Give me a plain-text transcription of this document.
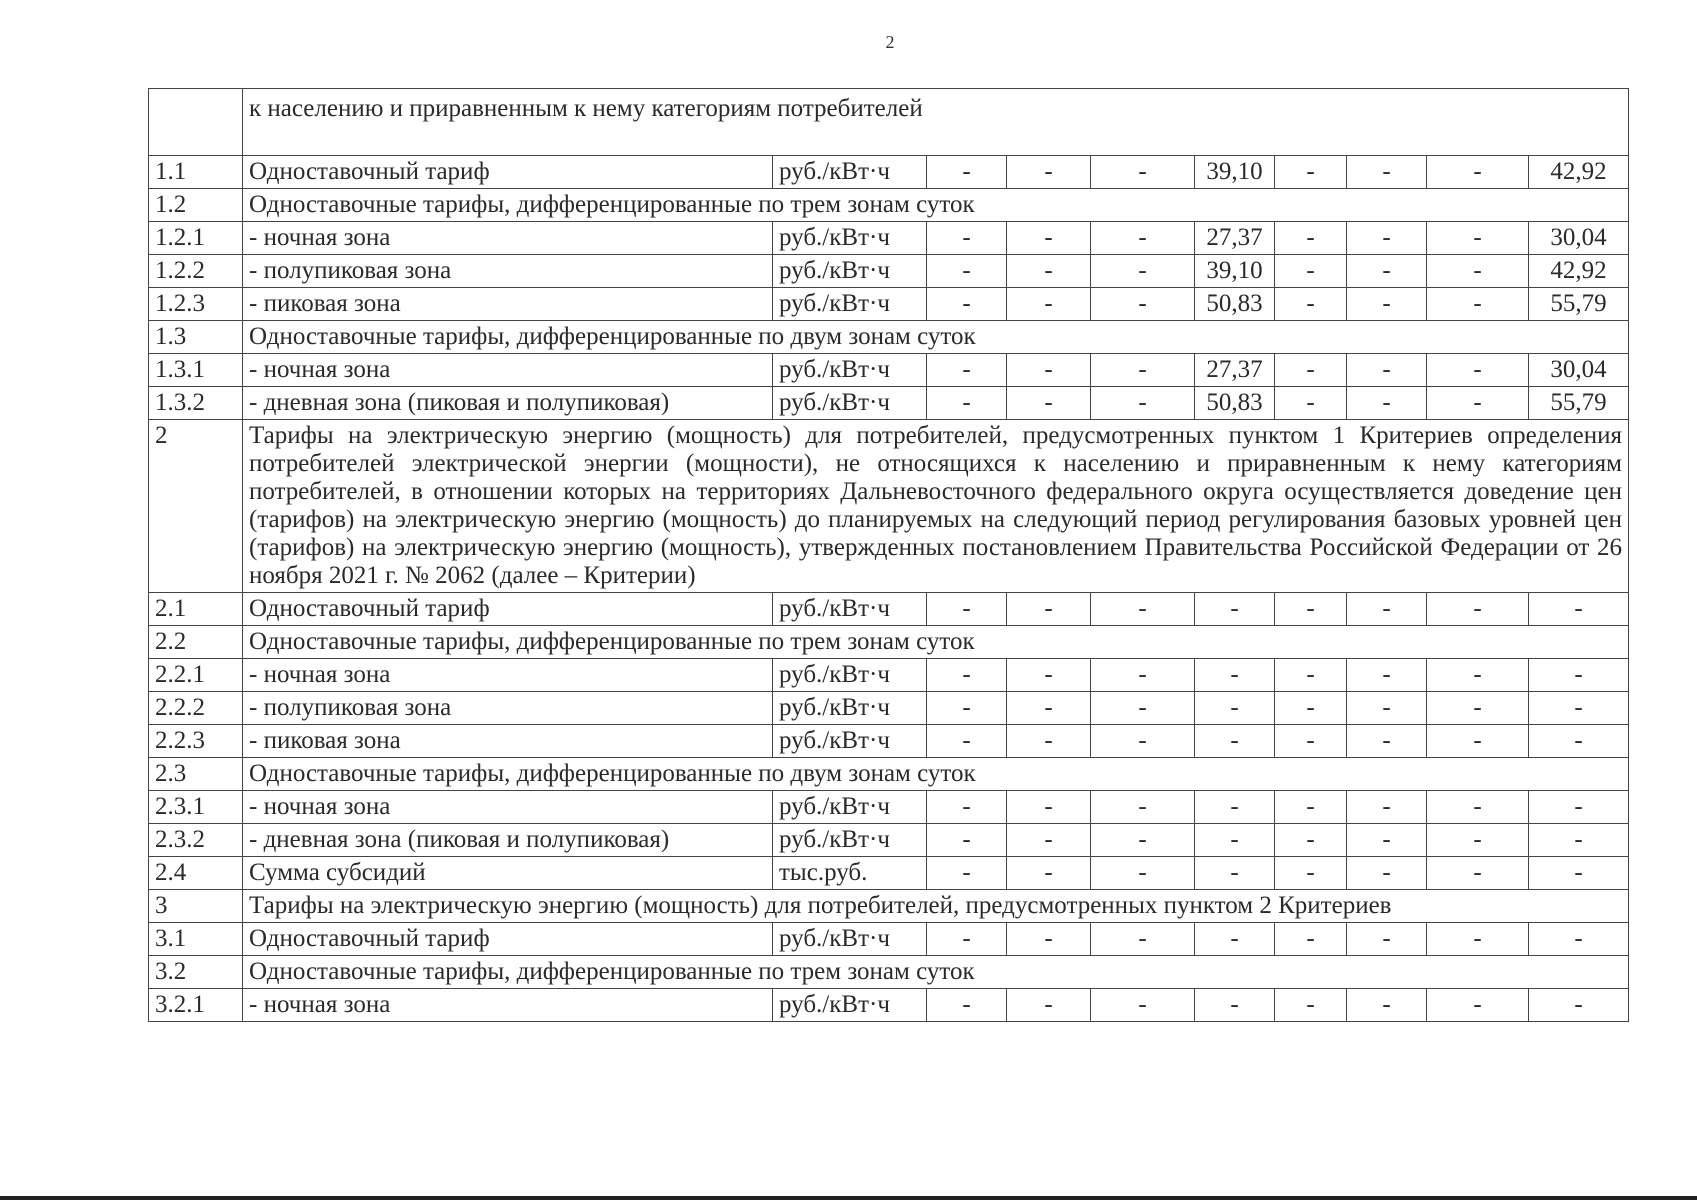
2
	к населению и приравненным к нему категориям потребителей									
1.1	Одноставочный тариф	руб./кВт·ч	-	-	-	39,10	-	-	-	42,92
1.2	Одноставочные тарифы, дифференцированные по трем зонам суток									
1.2.1	- ночная зона	руб./кВт·ч	-	-	-	27,37	-	-	-	30,04
1.2.2	- полупиковая зона	руб./кВт·ч	-	-	-	39,10	-	-	-	42,92
1.2.3	- пиковая зона	руб./кВт·ч	-	-	-	50,83	-	-	-	55,79
1.3	Одноставочные тарифы, дифференцированные по двум зонам суток									
1.3.1	- ночная зона	руб./кВт·ч	-	-	-	27,37	-	-	-	30,04
1.3.2	- дневная зона (пиковая и полупиковая)	руб./кВт·ч	-	-	-	50,83	-	-	-	55,79
2	Тарифы на электрическую энергию (мощность) для потребителей, предусмотренных пунктом 1 Критериев определения потребителей электрической энергии (мощности), не относящихся к населению и приравненным к нему категориям потребителей, в отношении которых на территориях Дальневосточного федерального округа осуществляется доведение цен (тарифов) на электрическую энергию (мощность) до планируемых на следующий период регулирования базовых уровней цен (тарифов) на электрическую энергию (мощность), утвержденных постановлением Правительства Российской Федерации от 26 ноября 2021 г. № 2062 (далее – Критерии)									
2.1	Одноставочный тариф	руб./кВт·ч	-	-	-	-	-	-	-	-
2.2	Одноставочные тарифы, дифференцированные по трем зонам суток									
2.2.1	- ночная зона	руб./кВт·ч	-	-	-	-	-	-	-	-
2.2.2	- полупиковая зона	руб./кВт·ч	-	-	-	-	-	-	-	-
2.2.3	- пиковая зона	руб./кВт·ч	-	-	-	-	-	-	-	-
2.3	Одноставочные тарифы, дифференцированные по двум зонам суток									
2.3.1	- ночная зона	руб./кВт·ч	-	-	-	-	-	-	-	-
2.3.2	- дневная зона (пиковая и полупиковая)	руб./кВт·ч	-	-	-	-	-	-	-	-
2.4	Сумма субсидий	тыс.руб.	-	-	-	-	-	-	-	-
3	Тарифы на электрическую энергию (мощность) для потребителей, предусмотренных пунктом 2 Критериев									
3.1	Одноставочный тариф	руб./кВт·ч	-	-	-	-	-	-	-	-
3.2	Одноставочные тарифы, дифференцированные по трем зонам суток									
3.2.1	- ночная зона	руб./кВт·ч	-	-	-	-	-	-	-	-
